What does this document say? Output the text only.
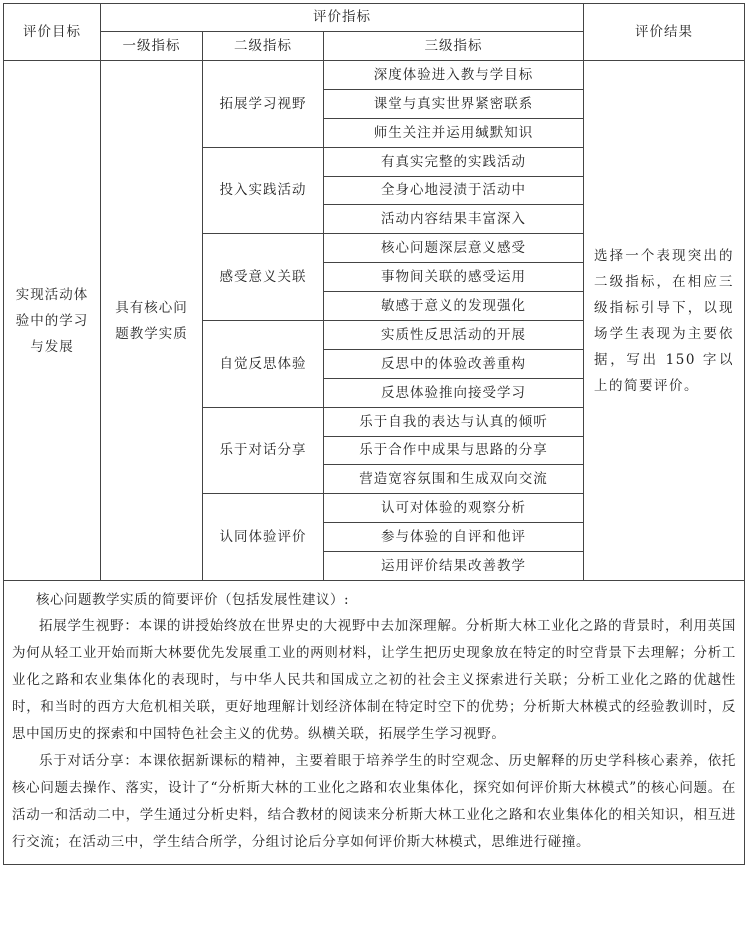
评价目标	评价指标			评价结果
	一级指标	二级指标	三级指标	

实现活动体
验中的学习
与发展	具有核心问
题教学实质	拓展学习视野	深度体验进入教与学目标	选择一个表现突出的二级指标，在相应三级指标引导下，以现场学生表现为主要依据，写出 150 字以上的简要评价。

			课堂与真实世界紧密联系	
			师生关注并运用缄默知识	
		投入实践活动	有真实完整的实践活动	
			全身心地浸渍于活动中	
			活动内容结果丰富深入	
		感受意义关联	核心问题深层意义感受	
			事物间关联的感受运用	
			敏感于意义的发现强化	
		自觉反思体验	实质性反思活动的开展	
			反思中的体验改善重构	
			反思体验推向接受学习	
		乐于对话分享	乐于自我的表达与认真的倾听	
			乐于合作中成果与思路的分享	
			营造宽容氛围和生成双向交流	
		认同体验评价	认可对体验的观察分析	
			参与体验的自评和他评	
			运用评价结果改善教学	

核心问题教学实质的简要评价（包括发展性建议）:

拓展学生视野：本课的讲授始终放在世界史的大视野中去加深理解。分析斯大林工业化之路的背景时，利用英国为何从轻工业开始而斯大林要优先发展重工业的两则材料，让学生把历史现象放在特定的时空背景下去理解；分析工业化之路和农业集体化的表现时，与中华人民共和国成立之初的社会主义探索进行关联；分析工业化之路的优越性时，和当时的西方大危机相关联，更好地理解计划经济体制在特定时空下的优势；分析斯大林模式的经验教训时，反思中国历史的探索和中国特色社会主义的优势。纵横关联，拓展学生学习视野。

乐于对话分享：本课依据新课标的精神，主要着眼于培养学生的时空观念、历史解释的历史学科核心素养，依托核心问题去操作、落实，设计了“分析斯大林的工业化之路和农业集体化，探究如何评价斯大林模式”的核心问题。在活动一和活动二中，学生通过分析史料，结合教材的阅读来分析斯大林工业化之路和农业集体化的相关知识，相互进行交流；在活动三中，学生结合所学，分组讨论后分享如何评价斯大林模式，思维进行碰撞。				
